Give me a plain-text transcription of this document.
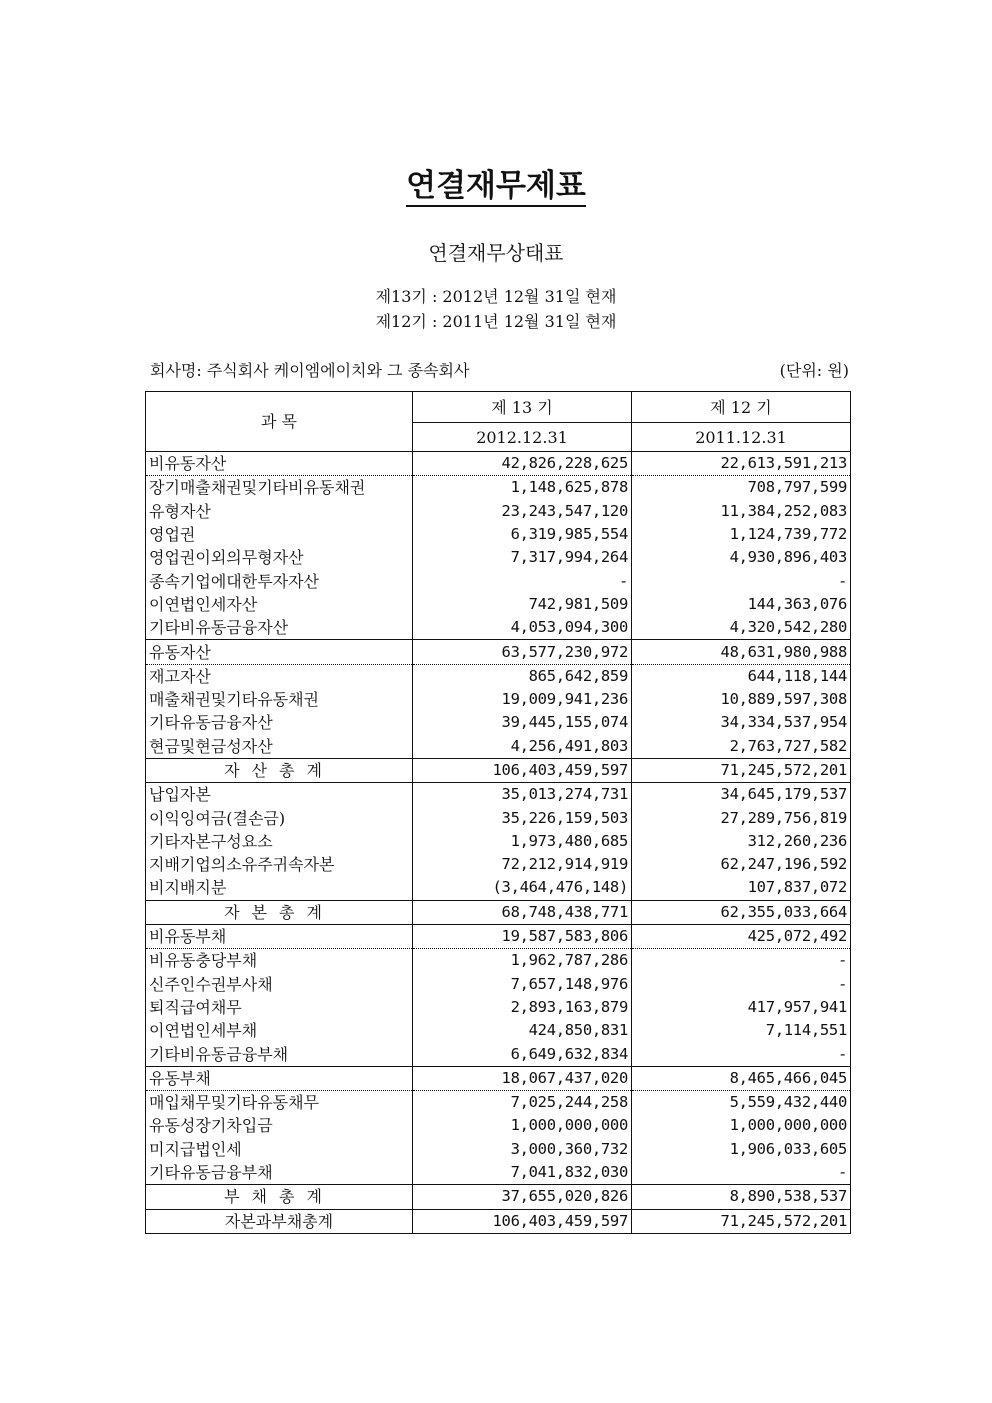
연결재무제표
연결재무상태표
제13기 : 2012년 12월 31일 현재
제12기 : 2011년 12월 31일 현재
회사명: 주식회사 케이엠에이치와 그 종속회사	(단위: 원)
과 목	제 13 기	제 12 기
	2012.12.31	2011.12.31
비유동자산	42,826,228,625	22,613,591,213
장기매출채권및기타비유동채권	1,148,625,878	708,797,599
유형자산	23,243,547,120	11,384,252,083
영업권	6,319,985,554	1,124,739,772
영업권이외의무형자산	7,317,994,264	4,930,896,403
종속기업에대한투자자산	-	-
이연법인세자산	742,981,509	144,363,076
기타비유동금융자산	4,053,094,300	4,320,542,280
유동자산	63,577,230,972	48,631,980,988
재고자산	865,642,859	644,118,144
매출채권및기타유동채권	19,009,941,236	10,889,597,308
기타유동금융자산	39,445,155,074	34,334,537,954
현금및현금성자산	4,256,491,803	2,763,727,582
자산총계	106,403,459,597	71,245,572,201
납입자본	35,013,274,731	34,645,179,537
이익잉여금(결손금)	35,226,159,503	27,289,756,819
기타자본구성요소	1,973,480,685	312,260,236
지배기업의소유주귀속자본	72,212,914,919	62,247,196,592
비지배지분	(3,464,476,148)	107,837,072
자본총계	68,748,438,771	62,355,033,664
비유동부채	19,587,583,806	425,072,492
비유동충당부채	1,962,787,286	-
신주인수권부사채	7,657,148,976	-
퇴직급여채무	2,893,163,879	417,957,941
이연법인세부채	424,850,831	7,114,551
기타비유동금융부채	6,649,632,834	-
유동부채	18,067,437,020	8,465,466,045
매입채무및기타유동채무	7,025,244,258	5,559,432,440
유동성장기차입금	1,000,000,000	1,000,000,000
미지급법인세	3,000,360,732	1,906,033,605
기타유동금융부채	7,041,832,030	-
부채총계	37,655,020,826	8,890,538,537
자본과부채총계	106,403,459,597	71,245,572,201
